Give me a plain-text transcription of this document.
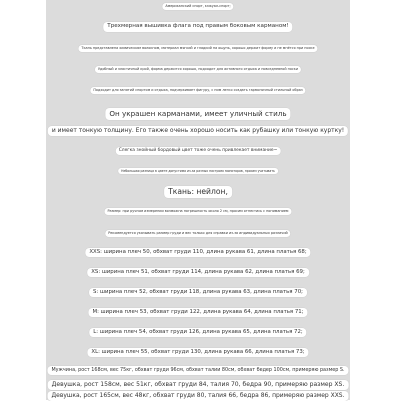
Американский спорт, кэжуал-спорт;
Трехмерная вышивка флага под правым боковым карманом!
Ткань представлена химическим волокном, материал мягкий и гладкий на ощупь, хорошо держит форму и не мнётся при носке
Удобный и эластичный крой, форма держится хорошо, подходит для активного отдыха и повседневной носки
Подходит для занятий спортом и отдыха, подчеркивает фигуру, с ним легко создать гармоничный стильный образ
Он украшен карманами, имеет уличный стиль
и имеет тонкую толщину. Его также очень хорошо носить как рубашку или тонкую куртку!
Слегка знойный бордовый цвет тоже очень привлекает внимание~
Небольшая разница в цвете допустима из-за разных настроек мониторов, просим учитывать
Ткань: нейлон,
Размер: при ручном измерении возможна погрешность около 2 см, просим отнестись с пониманием
Рекомендуется указывать размер груди и вес только для справки из-за индивидуальных различий
XXS: ширина плеч 50, обхват груди 110, длина рукава 61, длина платья 68;
XS: ширина плеч 51, обхват груди 114, длина рукава 62, длина платья 69;
S: ширина плеч 52, обхват груди 118, длина рукава 63, длина платья 70;
M: ширина плеч 53, обхват груди 122, длина рукава 64, длина платья 71;
L: ширина плеч 54, обхват груди 126, длина рукава 65, длина платья 72;
XL: ширина плеч 55, обхват груди 130, длина рукава 66, длина платья 73;
Мужчина, рост 168см, вес 75кг, обхват груди 96см, обхват талии 80см, обхват бедер 100см, примеряю размер S.
Девушка, рост 158см, вес 51кг, обхват груди 84, талия 70, бедра 90, примеряю размер XS.
Девушка, рост 165см, вес 48кг, обхват груди 80, талия 66, бедра 86, примеряю размер XXS.
